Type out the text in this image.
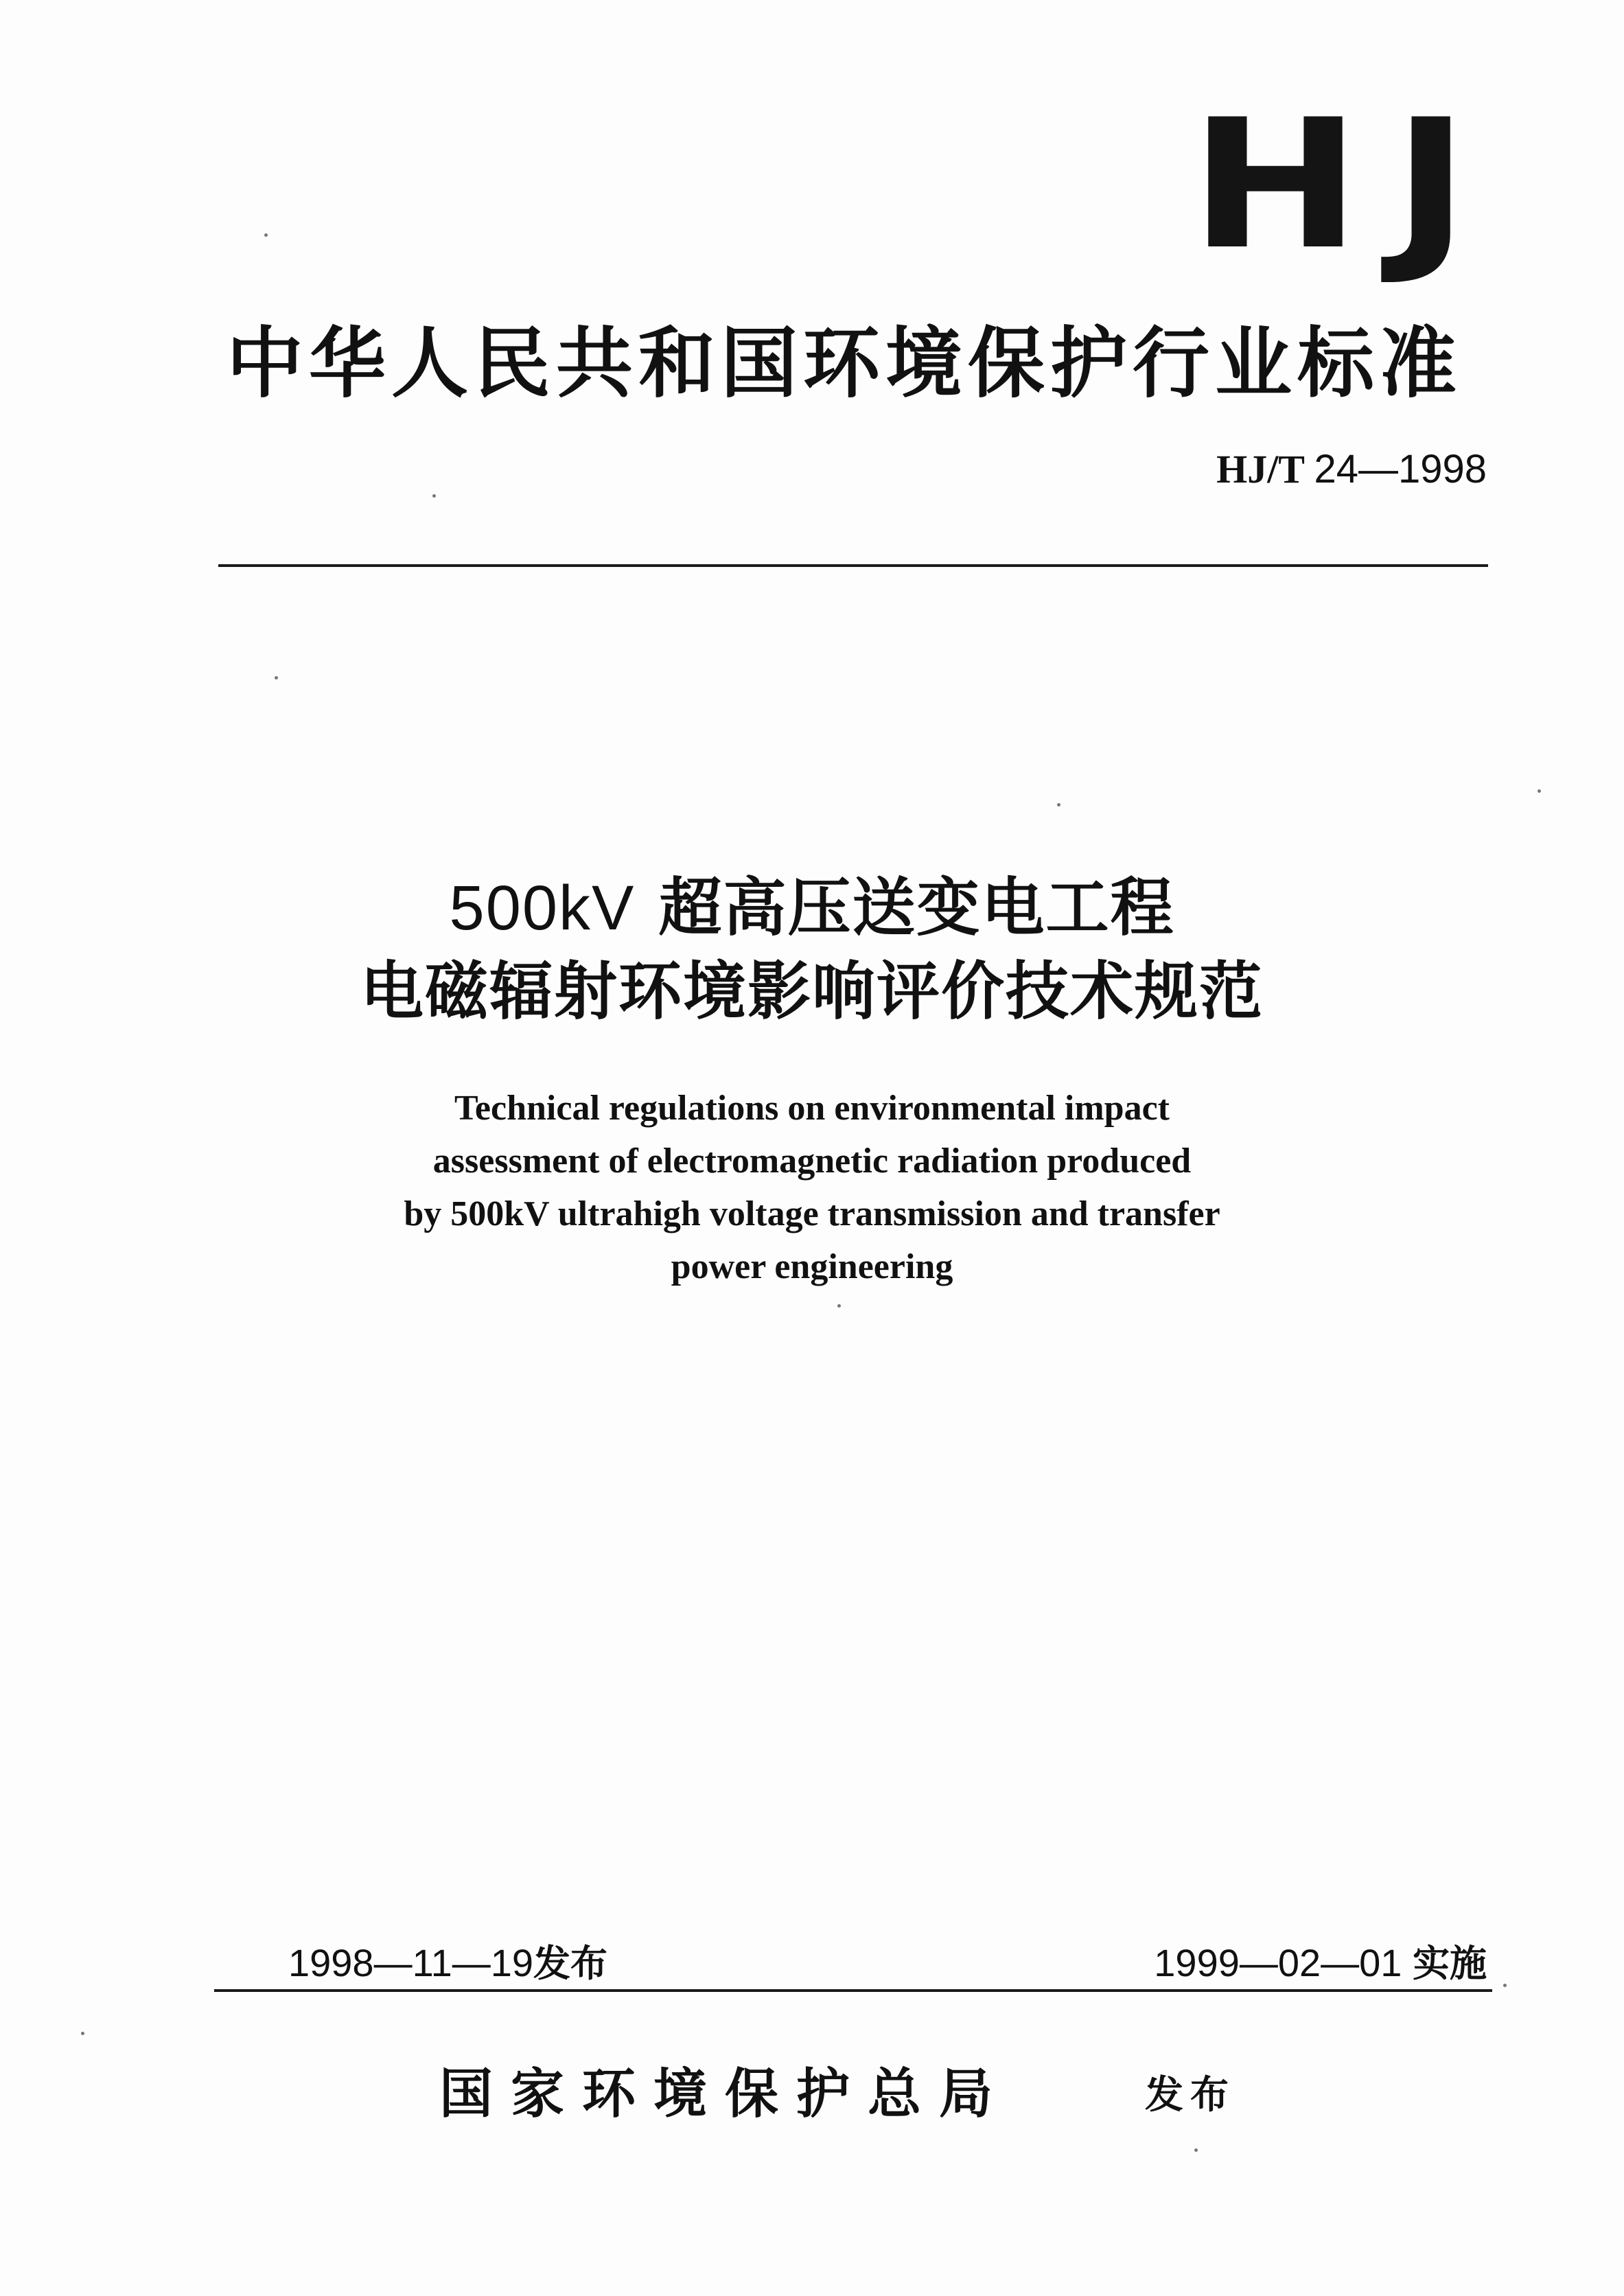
HJ
中华人民共和国环境保护行业标准
HJ/T 24—1998
500kV 超高压送变电工程
电磁辐射环境影响评价技术规范
Technical regulations on environmental impact
assessment of electromagnetic radiation produced
by 500kV ultrahigh voltage transmission and transfer
power engineering
1998—11—19发布	1999—02—01 实施
国家环境保护总局	发布
